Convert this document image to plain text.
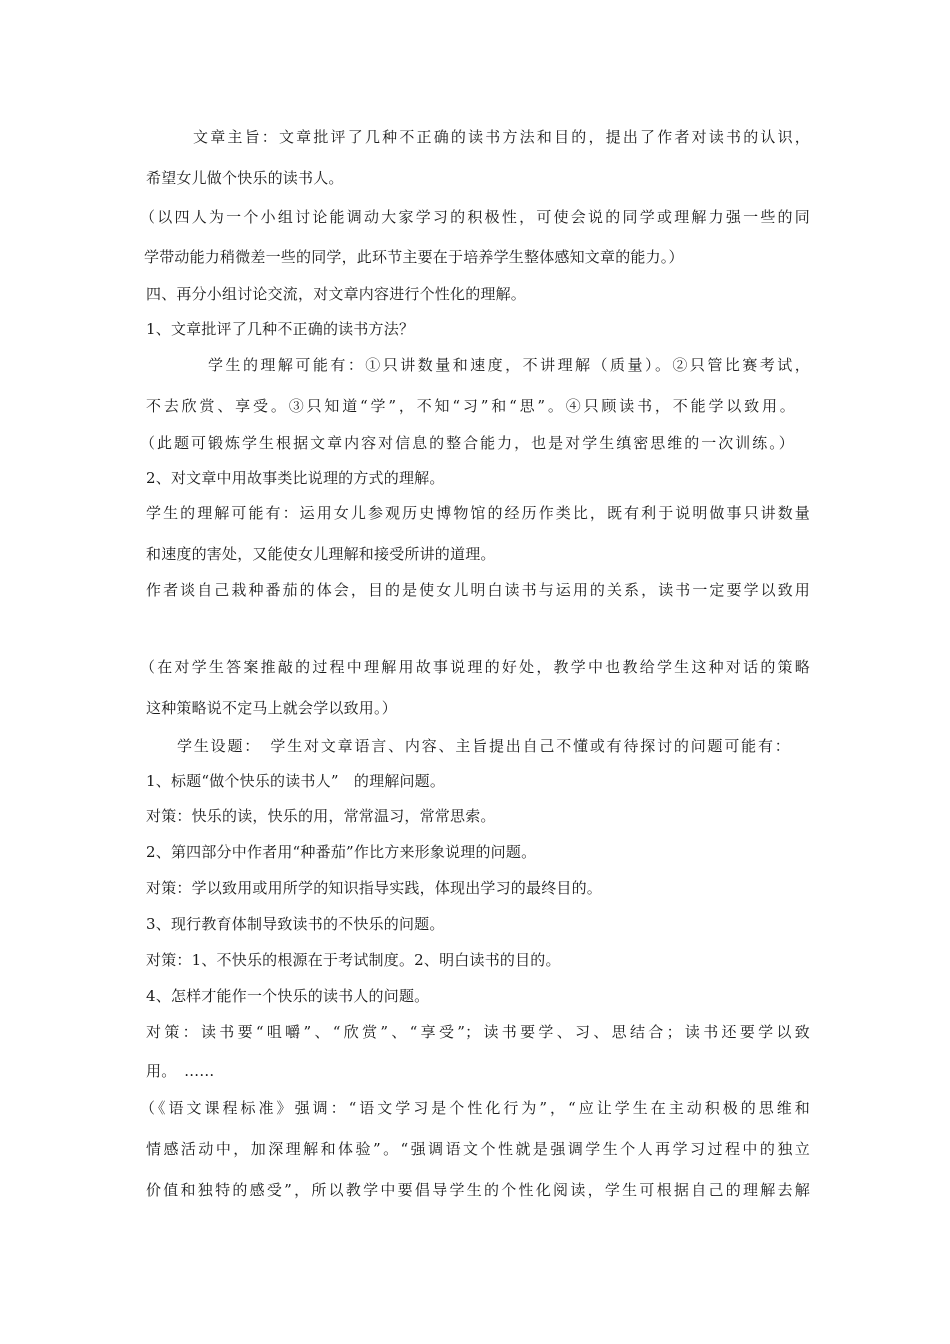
文章主旨：文章批评了几种不正确的读书方法和目的，提出了作者对读书的认识，
希望女儿做个快乐的读书人。
（以四人为一个小组讨论能调动大家学习的积极性，可使会说的同学或理解力强一些的同
学带动能力稍微差一些的同学，此环节主要在于培养学生整体感知文章的能力。）
四、再分小组讨论交流，对文章内容进行个性化的理解。
1、文章批评了几种不正确的读书方法？
学生的理解可能有：①只讲数量和速度，不讲理解（质量）。②只管比赛考试，
不去欣赏、享受。③只知道“学”，不知“习”和“思”。④只顾读书，不能学以致用。
（此题可锻炼学生根据文章内容对信息的整合能力，也是对学生缜密思维的一次训练。）
2、对文章中用故事类比说理的方式的理解。
学生的理解可能有：运用女儿参观历史博物馆的经历作类比，既有利于说明做事只讲数量
和速度的害处，又能使女儿理解和接受所讲的道理。
作者谈自己栽种番茄的体会，目的是使女儿明白读书与运用的关系，读书一定要学以致用
（在对学生答案推敲的过程中理解用故事说理的好处，教学中也教给学生这种对话的策略
这种策略说不定马上就会学以致用。）
学生设题：　学生对文章语言、内容、主旨提出自己不懂或有待探讨的问题可能有：
1、标题“做个快乐的读书人”　的理解问题。
对策：快乐的读，快乐的用，常常温习，常常思索。
2、第四部分中作者用“种番茄”作比方来形象说理的问题。
对策：学以致用或用所学的知识指导实践，体现出学习的最终目的。
3、现行教育体制导致读书的不快乐的问题。
对策：1、不快乐的根源在于考试制度。2、明白读书的目的。
4、怎样才能作一个快乐的读书人的问题。
对策：读书要“咀嚼”、“欣赏”、“享受”；读书要学、习、思结合；读书还要学以致
用。　……
（《语文课程标准》强调：“语文学习是个性化行为”，“应让学生在主动积极的思维和
情感活动中，加深理解和体验”。“强调语文个性就是强调学生个人再学习过程中的独立
价值和独特的感受”，所以教学中要倡导学生的个性化阅读，学生可根据自己的理解去解
